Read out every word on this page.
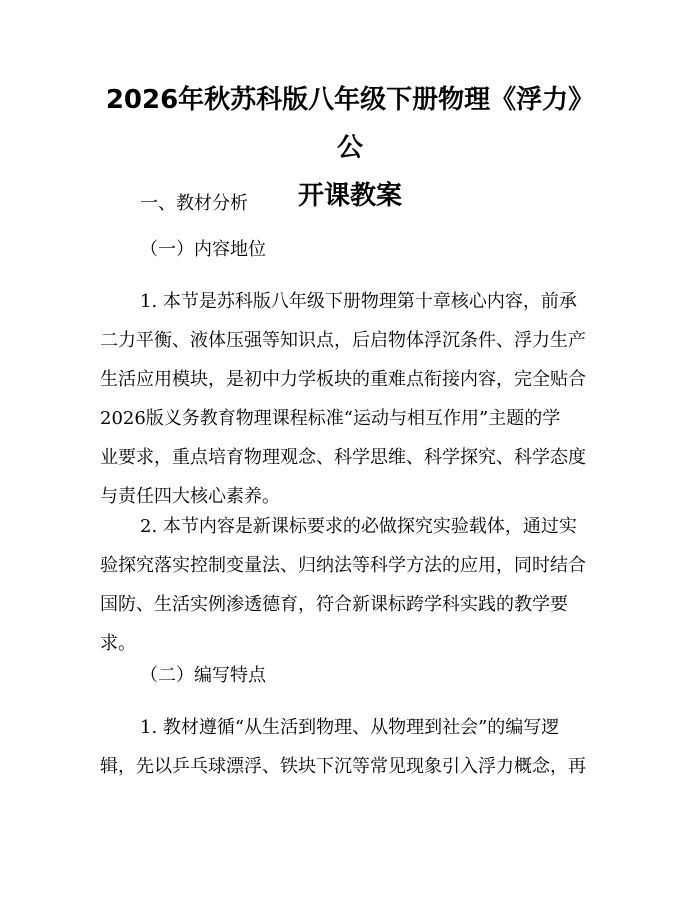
2026年秋苏科版八年级下册物理《浮力》公
开课教案
一、教材分析
（一）内容地位
1. 本节是苏科版八年级下册物理第十章核心内容，前承
二力平衡、液体压强等知识点，后启物体浮沉条件、浮力生产
生活应用模块，是初中力学板块的重难点衔接内容，完全贴合
2026版义务教育物理课程标准“运动与相互作用”主题的学
业要求，重点培育物理观念、科学思维、科学探究、科学态度
与责任四大核心素养。
2. 本节内容是新课标要求的必做探究实验载体，通过实
验探究落实控制变量法、归纳法等科学方法的应用，同时结合
国防、生活实例渗透德育，符合新课标跨学科实践的教学要
求。
（二）编写特点
1. 教材遵循“从生活到物理、从物理到社会”的编写逻
辑，先以乒乓球漂浮、铁块下沉等常见现象引入浮力概念，再
